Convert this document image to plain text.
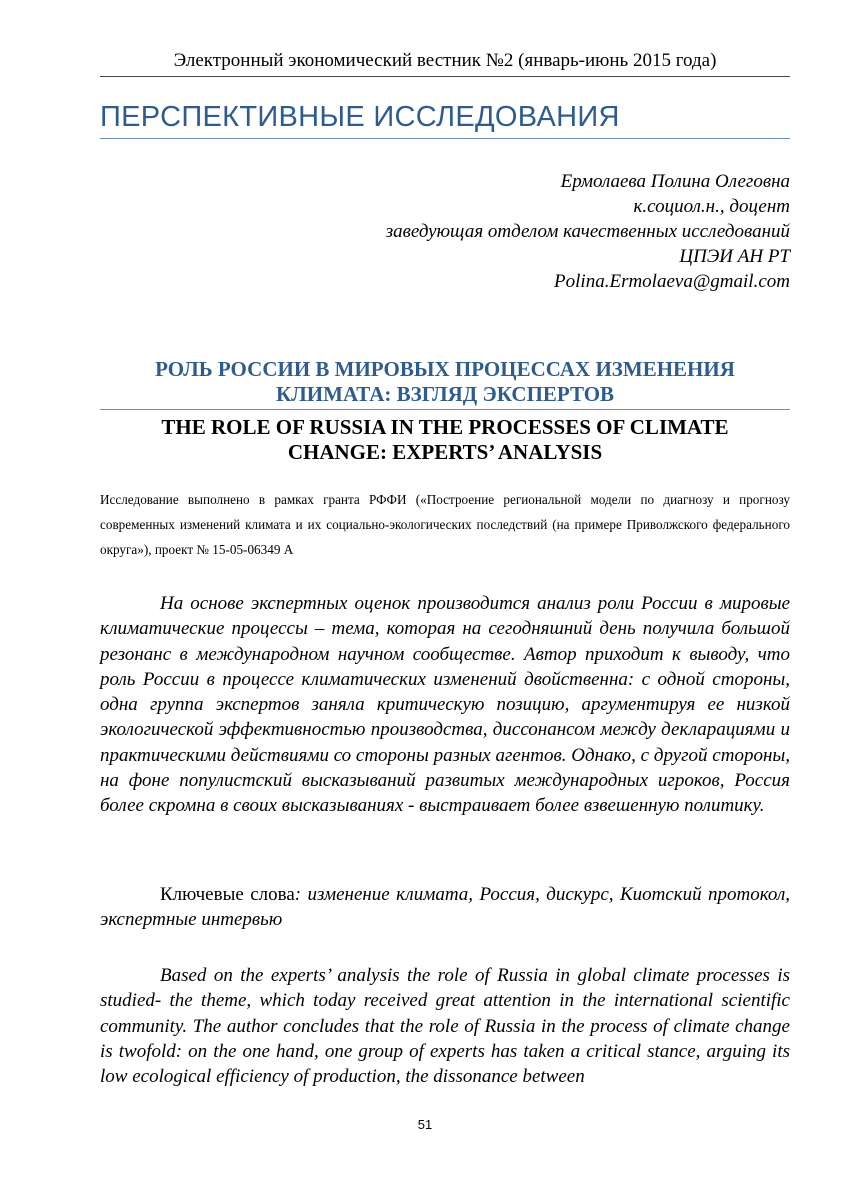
Электронный экономический вестник №2 (январь-июнь 2015 года)
ПЕРСПЕКТИВНЫЕ ИССЛЕДОВАНИЯ
Ермолаева Полина Олеговна
к.социол.н., доцент
заведующая отделом качественных исследований
ЦПЭИ АН РТ
Polina.Ermolaeva@gmail.com
РОЛЬ РОССИИ В МИРОВЫХ ПРОЦЕССАХ ИЗМЕНЕНИЯ
КЛИМАТА: ВЗГЛЯД ЭКСПЕРТОВ
THE ROLE OF RUSSIA IN THE PROCESSES OF CLIMATE
CHANGE: EXPERTS’ ANALYSIS
Исследование выполнено в рамках гранта РФФИ («Построение региональной модели по диагнозу и прогнозу современных изменений климата и их социально-экологических последствий (на примере Приволжского федерального округа»), проект № 15-05-06349 А
На основе экспертных оценок производится анализ роли России в мировые климатические процессы – тема, которая на сегодняшний день получила большой резонанс в международном научном сообществе. Автор приходит к выводу, что роль России в процессе климатических изменений двойственна: с одной стороны, одна группа экспертов заняла критическую позицию, аргументируя ее низкой экологической эффективностью производства, диссонансом между декларациями и практическими действиями со стороны разных агентов. Однако, с другой стороны, на фоне популистский высказываний развитых международных игроков, Россия более скромна в своих высказываниях - выстраивает более взвешенную политику.
Ключевые слова: изменение климата, Россия, дискурс, Киотский протокол, экспертные интервью
Based on the experts’ analysis the role of Russia in global climate processes is studied- the theme, which today received great attention in the international scientific community. The author concludes that the role of Russia in the process of climate change is twofold: on the one hand, one group of experts has taken a critical stance, arguing its low ecological efficiency of production, the dissonance between
51
